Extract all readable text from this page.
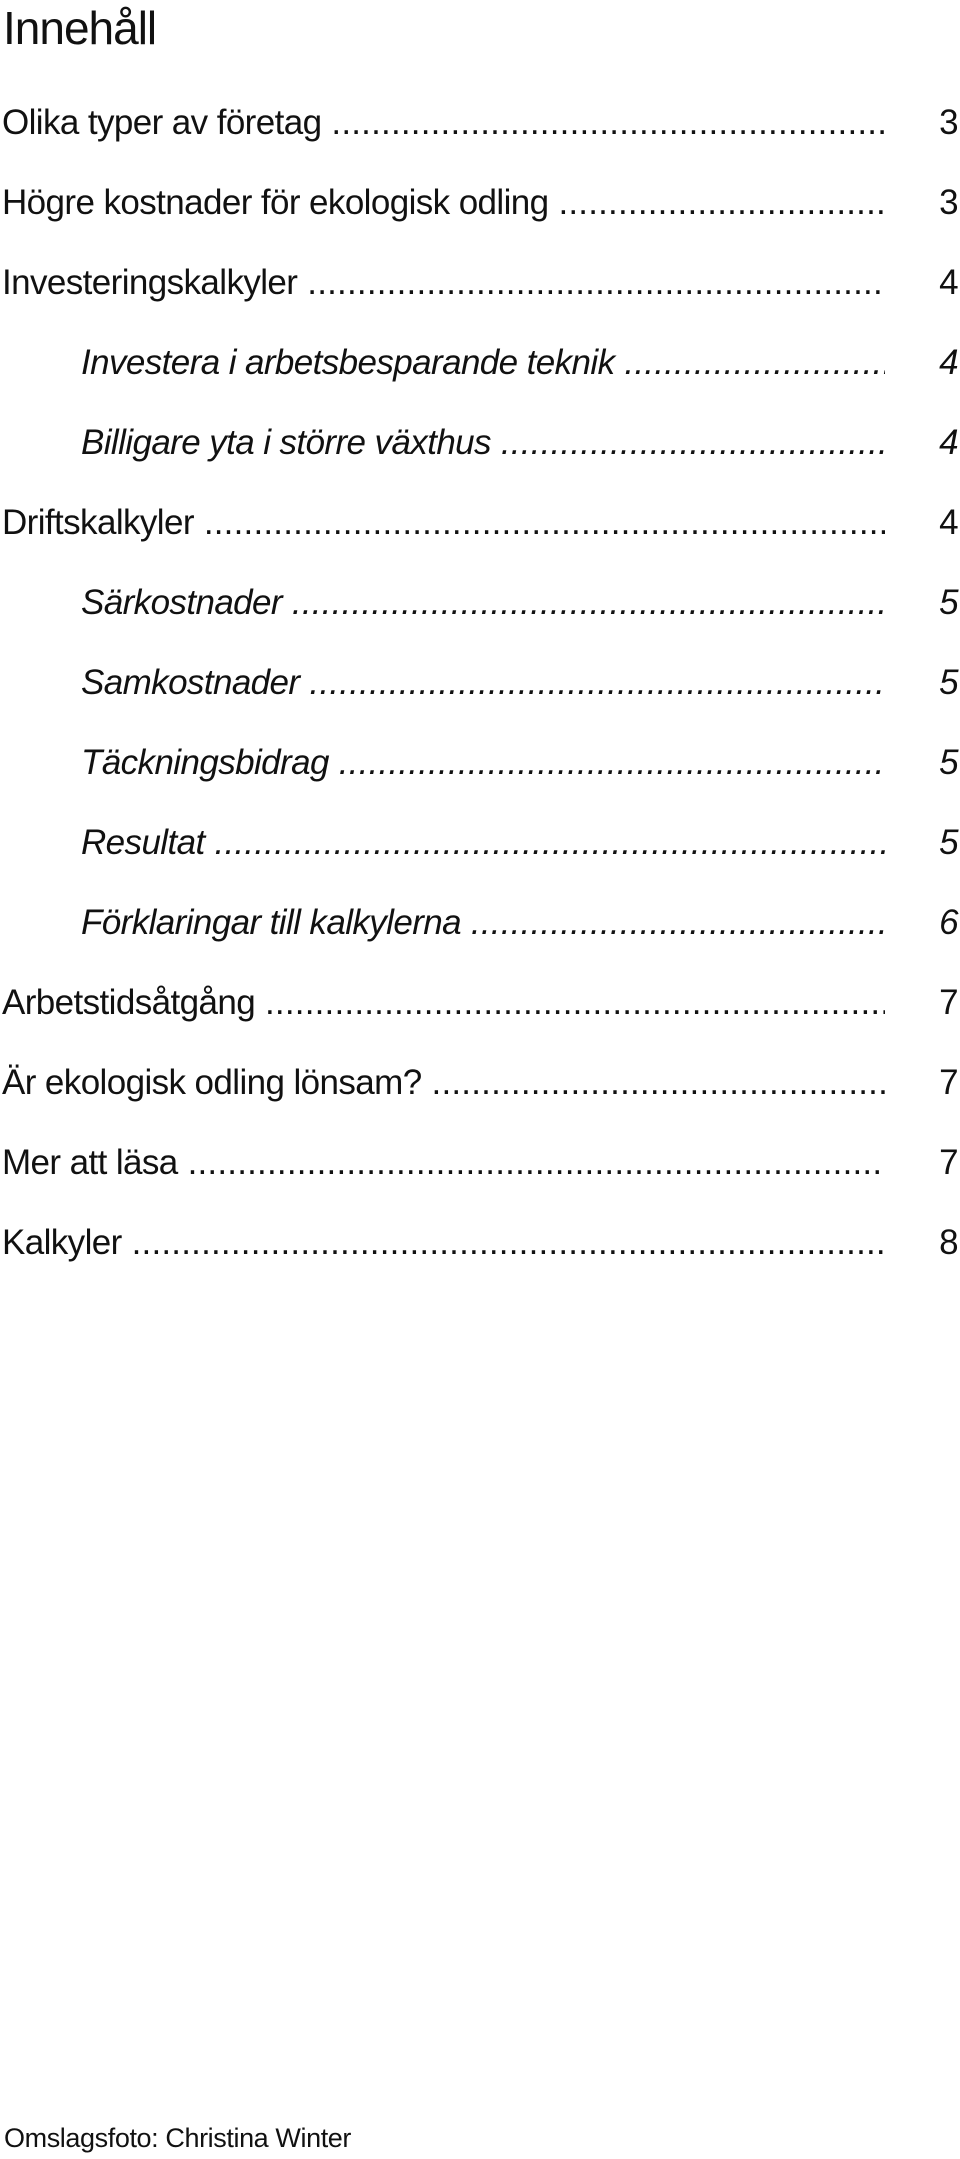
Innehåll
Olika typer av företag .....	3
Högre kostnader för ekologisk odling .....	3
Investeringskalkyler .....	4
Investera i arbetsbesparande teknik .....	4
Billigare yta i större växthus .....	4
Driftskalkyler .....	4
Särkostnader .....	5
Samkostnader .....	5
Täckningsbidrag .....	5
Resultat .....	5
Förklaringar till kalkylerna .....	6
Arbetstidsåtgång .....	7
Är ekologisk odling lönsam? .....	7
Mer att läsa .....	7
Kalkyler .....	8
Omslagsfoto: Christina Winter
